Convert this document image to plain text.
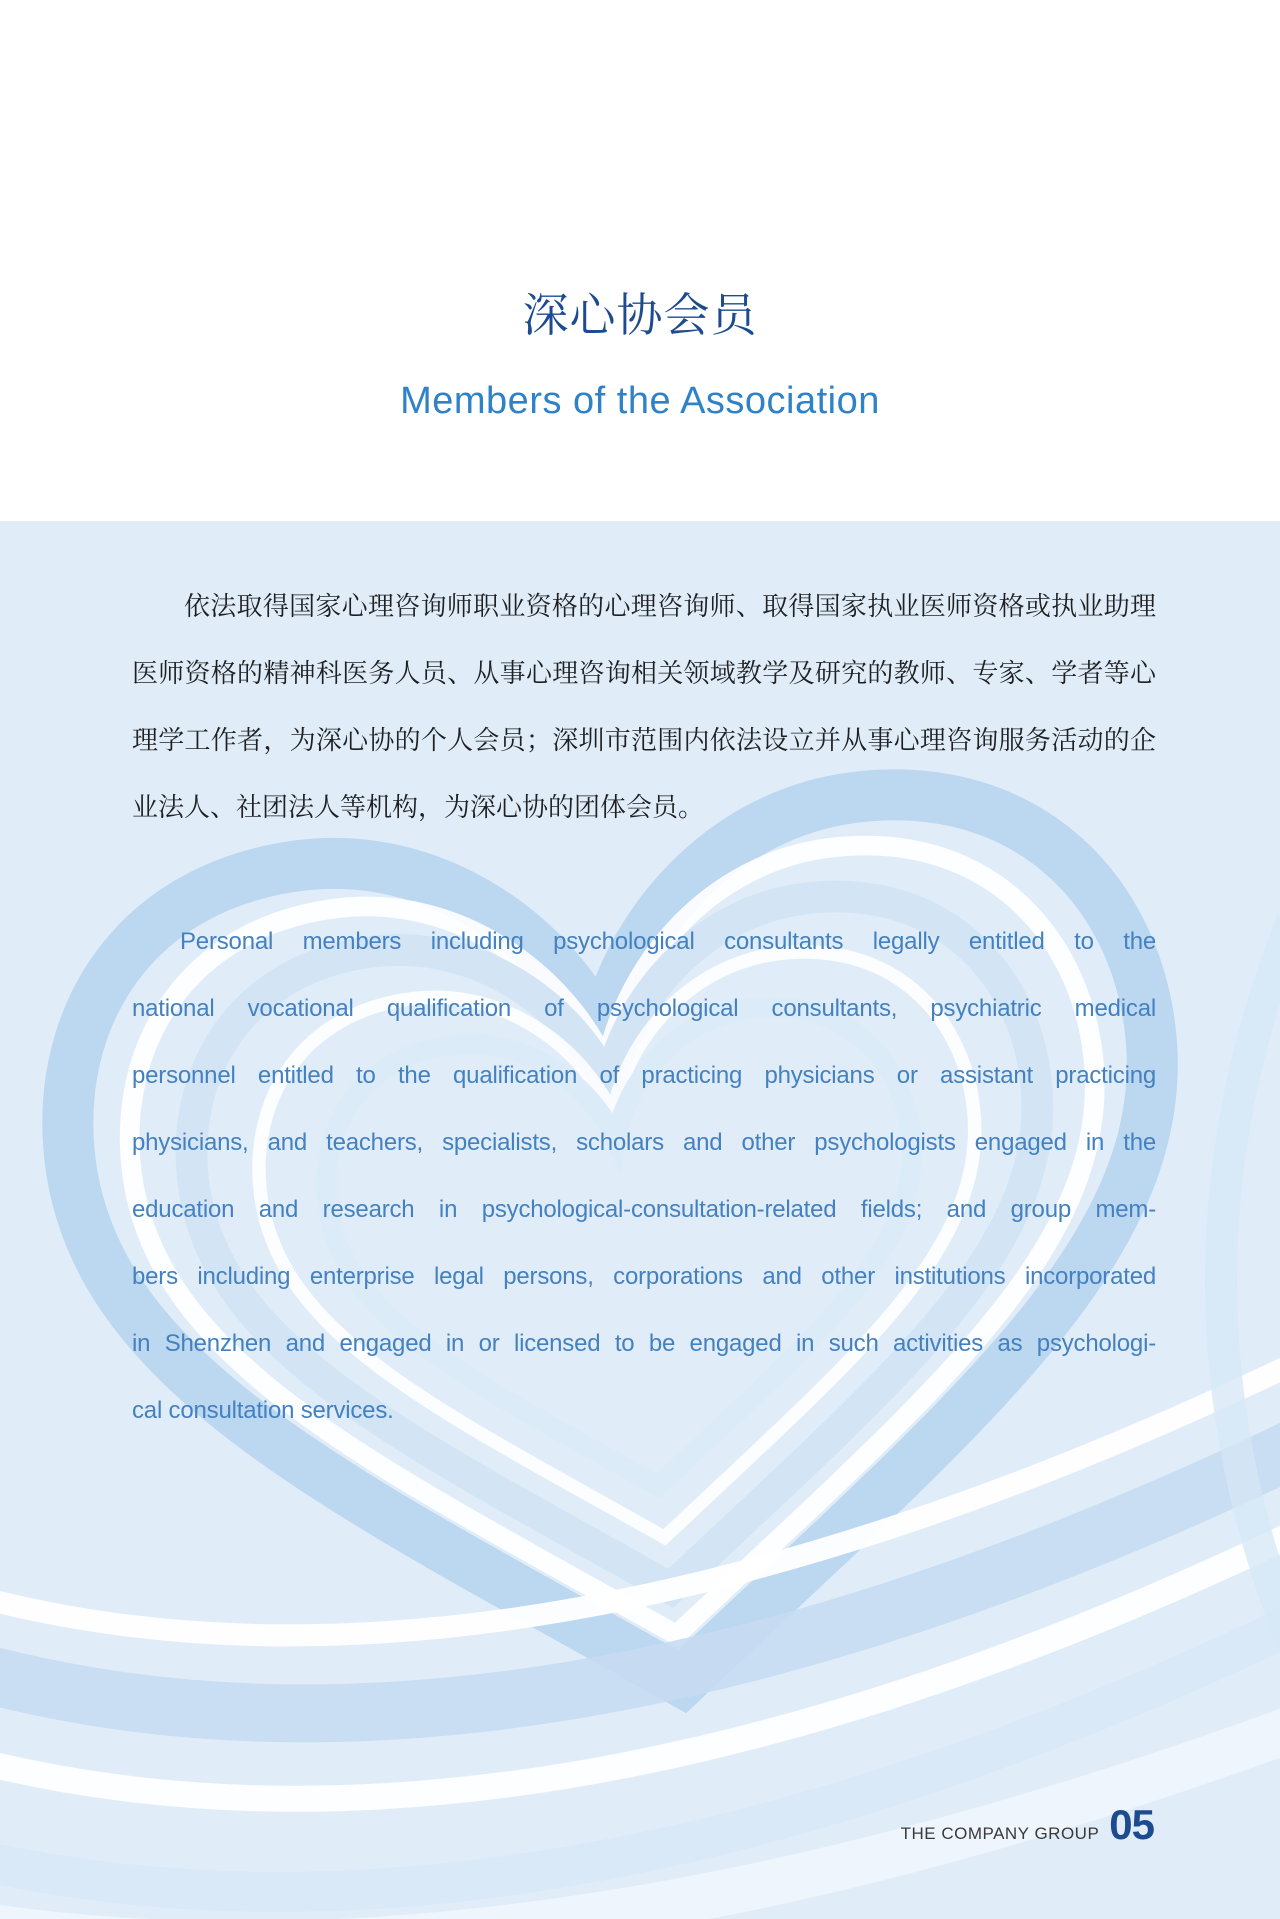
深心协会员
Members of the Association
依法取得国家心理咨询师职业资格的心理咨询师、取得国家执业医师资格或执业助理
医师资格的精神科医务人员、从事心理咨询相关领域教学及研究的教师、专家、学者等心
理学工作者，为深心协的个人会员；深圳市范围内依法设立并从事心理咨询服务活动的企
业法人、社团法人等机构，为深心协的团体会员。
Personal members including psychological consultants legally entitled to the
national vocational qualification of psychological consultants, psychiatric medical
personnel entitled to the qualification of practicing physicians or assistant practicing
physicians, and teachers, specialists, scholars and other psychologists engaged in the
education and research in psychological-consultation-related fields; and group mem-
bers including enterprise legal persons, corporations and other institutions incorporated
in Shenzhen and engaged in or licensed to be engaged in such activities as psychologi-
cal consultation services.
THE COMPANY GROUP 05
